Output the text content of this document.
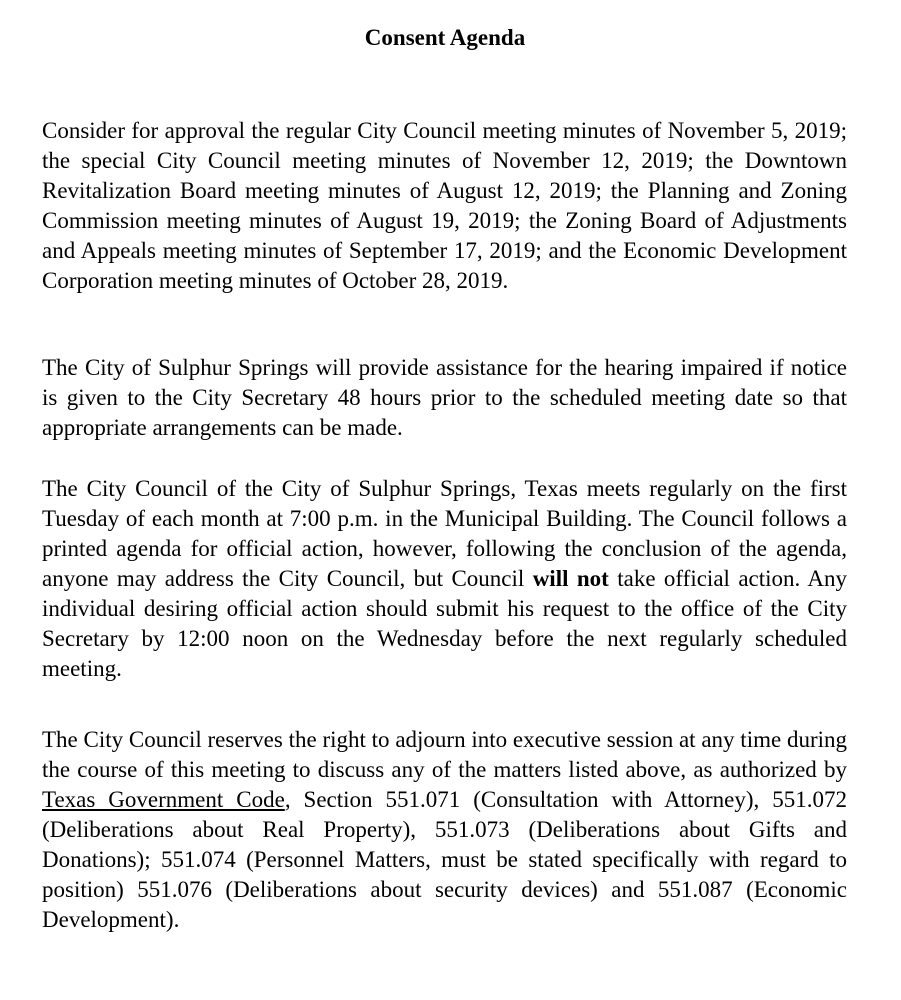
Consent Agenda

Consider for approval the regular City Council meeting minutes of November 5, 2019; the special City Council meeting minutes of November 12, 2019; the Downtown Revitalization Board meeting minutes of August 12, 2019; the Planning and Zoning Commission meeting minutes of August 19, 2019; the Zoning Board of Adjustments and Appeals meeting minutes of September 17, 2019; and the Economic Development Corporation meeting minutes of October 28, 2019.

The City of Sulphur Springs will provide assistance for the hearing impaired if notice is given to the City Secretary 48 hours prior to the scheduled meeting date so that appropriate arrangements can be made.

The City Council of the City of Sulphur Springs, Texas meets regularly on the first Tuesday of each month at 7:00 p.m. in the Municipal Building. The Council follows a printed agenda for official action, however, following the conclusion of the agenda, anyone may address the City Council, but Council will not take official action. Any individual desiring official action should submit his request to the office of the City Secretary by 12:00 noon on the Wednesday before the next regularly scheduled meeting.

The City Council reserves the right to adjourn into executive session at any time during the course of this meeting to discuss any of the matters listed above, as authorized by Texas Government Code, Section 551.071 (Consultation with Attorney), 551.072 (Deliberations about Real Property), 551.073 (Deliberations about Gifts and Donations); 551.074 (Personnel Matters, must be stated specifically with regard to position) 551.076 (Deliberations about security devices) and 551.087 (Economic Development).
